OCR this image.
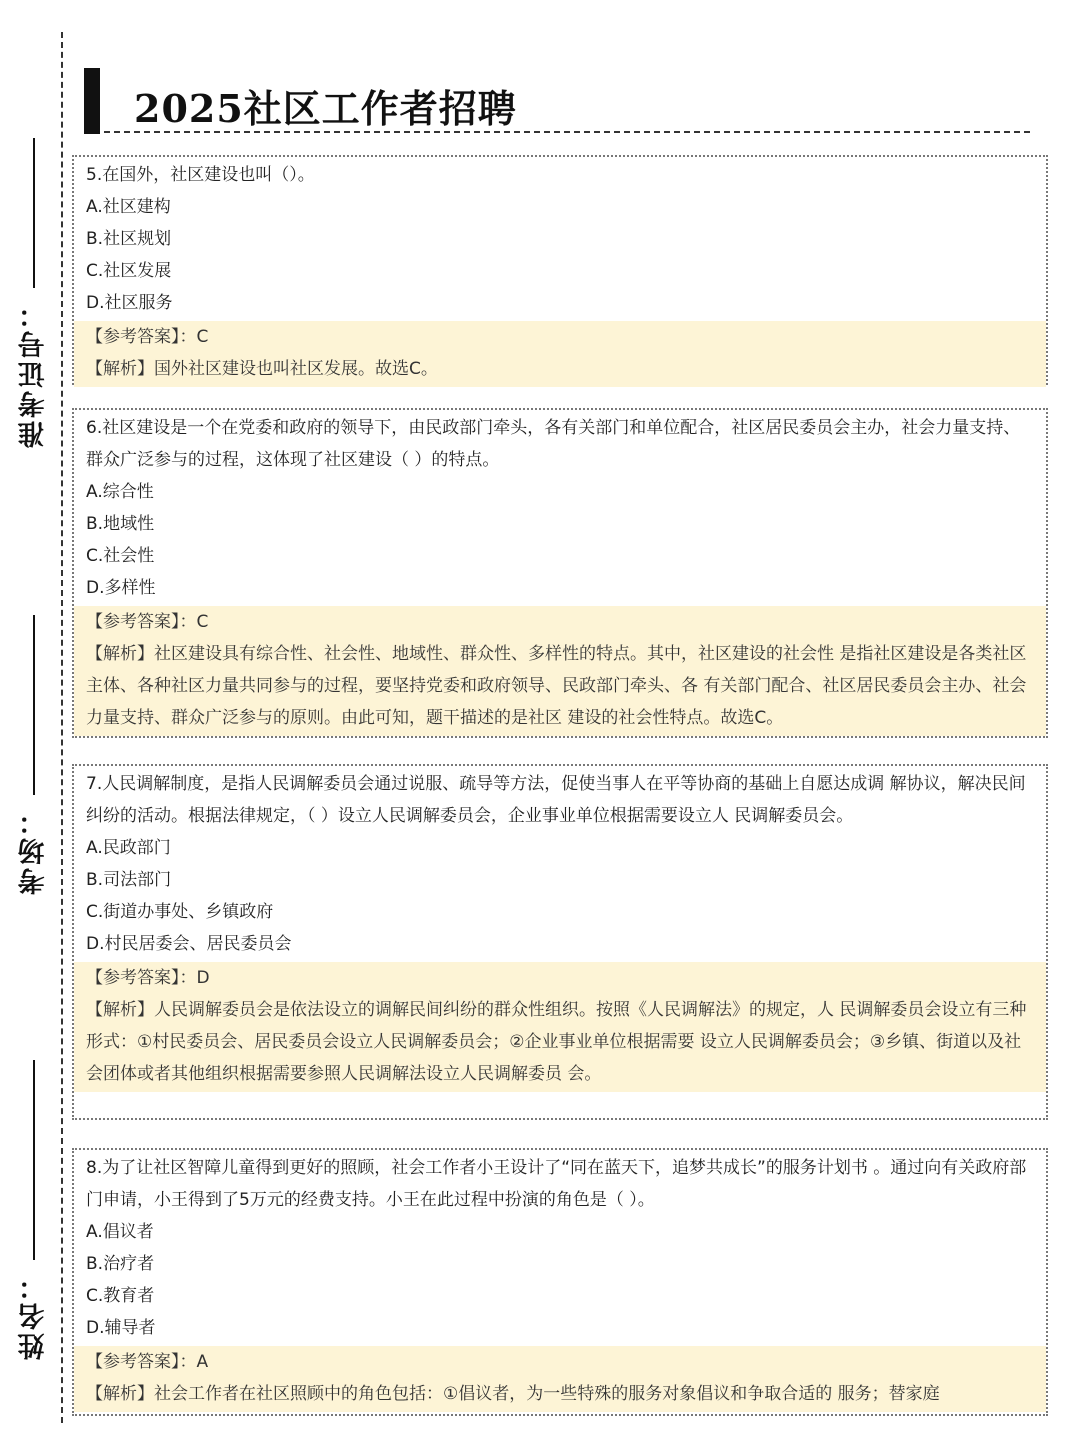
准考证号：
考场：
姓名：
2025社区工作者招聘
5.在国外，社区建设也叫（）。
A.社区建构
B.社区规划
C.社区发展
D.社区服务
【参考答案】：C
【解析】国外社区建设也叫社区发展。故选C。
6.社区建设是一个在党委和政府的领导下，由民政部门牵头，各有关部门和单位配合，社区居民委员会主办，社会力量支持、群众广泛参与的过程，这体现了社区建设（ ）的特点。
A.综合性
B.地域性
C.社会性
D.多样性
【参考答案】：C
【解析】社区建设具有综合性、社会性、地域性、群众性、多样性的特点。其中，社区建设的社会性 是指社区建设是各类社区主体、各种社区力量共同参与的过程，要坚持党委和政府领导、民政部门牵头、各 有关部门配合、社区居民委员会主办、社会力量支持、群众广泛参与的原则。由此可知，题干描述的是社区 建设的社会性特点。故选C。
7.人民调解制度，是指人民调解委员会通过说服、疏导等方法，促使当事人在平等协商的基础上自愿达成调 解协议，解决民间纠纷的活动。根据法律规定，（ ）设立人民调解委员会，企业事业单位根据需要设立人 民调解委员会。
A.民政部门
B.司法部门
C.街道办事处、乡镇政府
D.村民居委会、居民委员会
【参考答案】：D
【解析】人民调解委员会是依法设立的调解民间纠纷的群众性组织。按照《人民调解法》的规定，人 民调解委员会设立有三种形式：①村民委员会、居民委员会设立人民调解委员会；②企业事业单位根据需要 设立人民调解委员会；③乡镇、街道以及社会团体或者其他组织根据需要参照人民调解法设立人民调解委员 会。
8.为了让社区智障儿童得到更好的照顾，社会工作者小王设计了“同在蓝天下，追梦共成长”的服务计划书 。通过向有关政府部门申请，小王得到了5万元的经费支持。小王在此过程中扮演的角色是（ ）。
A.倡议者
B.治疗者
C.教育者
D.辅导者
【参考答案】：A
【解析】社会工作者在社区照顾中的角色包括：①倡议者，为一些特殊的服务对象倡议和争取合适的 服务；替家庭
